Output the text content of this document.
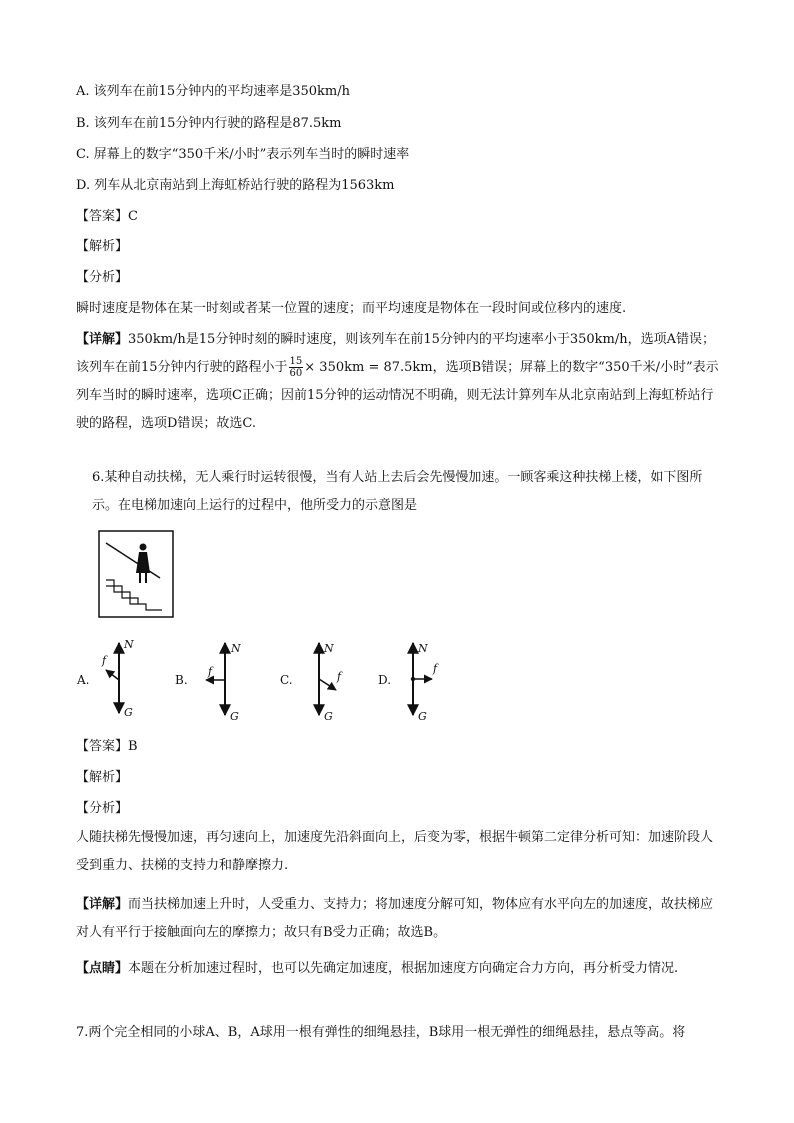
A. 该列车在前15分钟内的平均速率是350km/h
B. 该列车在前15分钟内行驶的路程是87.5km
C. 屏幕上的数字“350千米/小时”表示列车当时的瞬时速率
D. 列车从北京南站到上海虹桥站行驶的路程为1563km
【答案】C
【解析】
【分析】
瞬时速度是物体在某一时刻或者某一位置的速度；而平均速度是物体在一段时间或位移内的速度.
【详解】350km/h是15分钟时刻的瞬时速度，则该列车在前15分钟内的平均速率小于350km/h，选项A错误；该列车在前15分钟内行驶的路程小于 $\frac{15}{60} \times 350km = 87.5km$，选项B错误；屏幕上的数字“350千米/小时”表示列车当时的瞬时速率，选项C正确；因前15分钟的运动情况不明确，则无法计算列车从北京南站到上海虹桥站行驶的路程，选项D错误；故选C.
6.某种自动扶梯，无人乘行时运转很慢，当有人站上去后会先慢慢加速。一顾客乘这种扶梯上楼，如下图所示。在电梯加速向上运行的过程中，他所受力的示意图是
A.	B.	C.	D.
N
f
G
N
f
G
N
f
G
N
f
G
【答案】B
【解析】
【分析】
人随扶梯先慢慢加速，再匀速向上，加速度先沿斜面向上，后变为零，根据牛顿第二定律分析可知：加速阶段人受到重力、扶梯的支持力和静摩擦力.
【详解】而当扶梯加速上升时，人受重力、支持力；将加速度分解可知，物体应有水平向左的加速度，故扶梯应对人有平行于接触面向左的摩擦力；故只有B受力正确；故选B。
【点睛】本题在分析加速过程时，也可以先确定加速度，根据加速度方向确定合力方向，再分析受力情况.
7.两个完全相同的小球A、B，A球用一根有弹性的细绳悬挂，B球用一根无弹性的细绳悬挂，悬点等高。将
